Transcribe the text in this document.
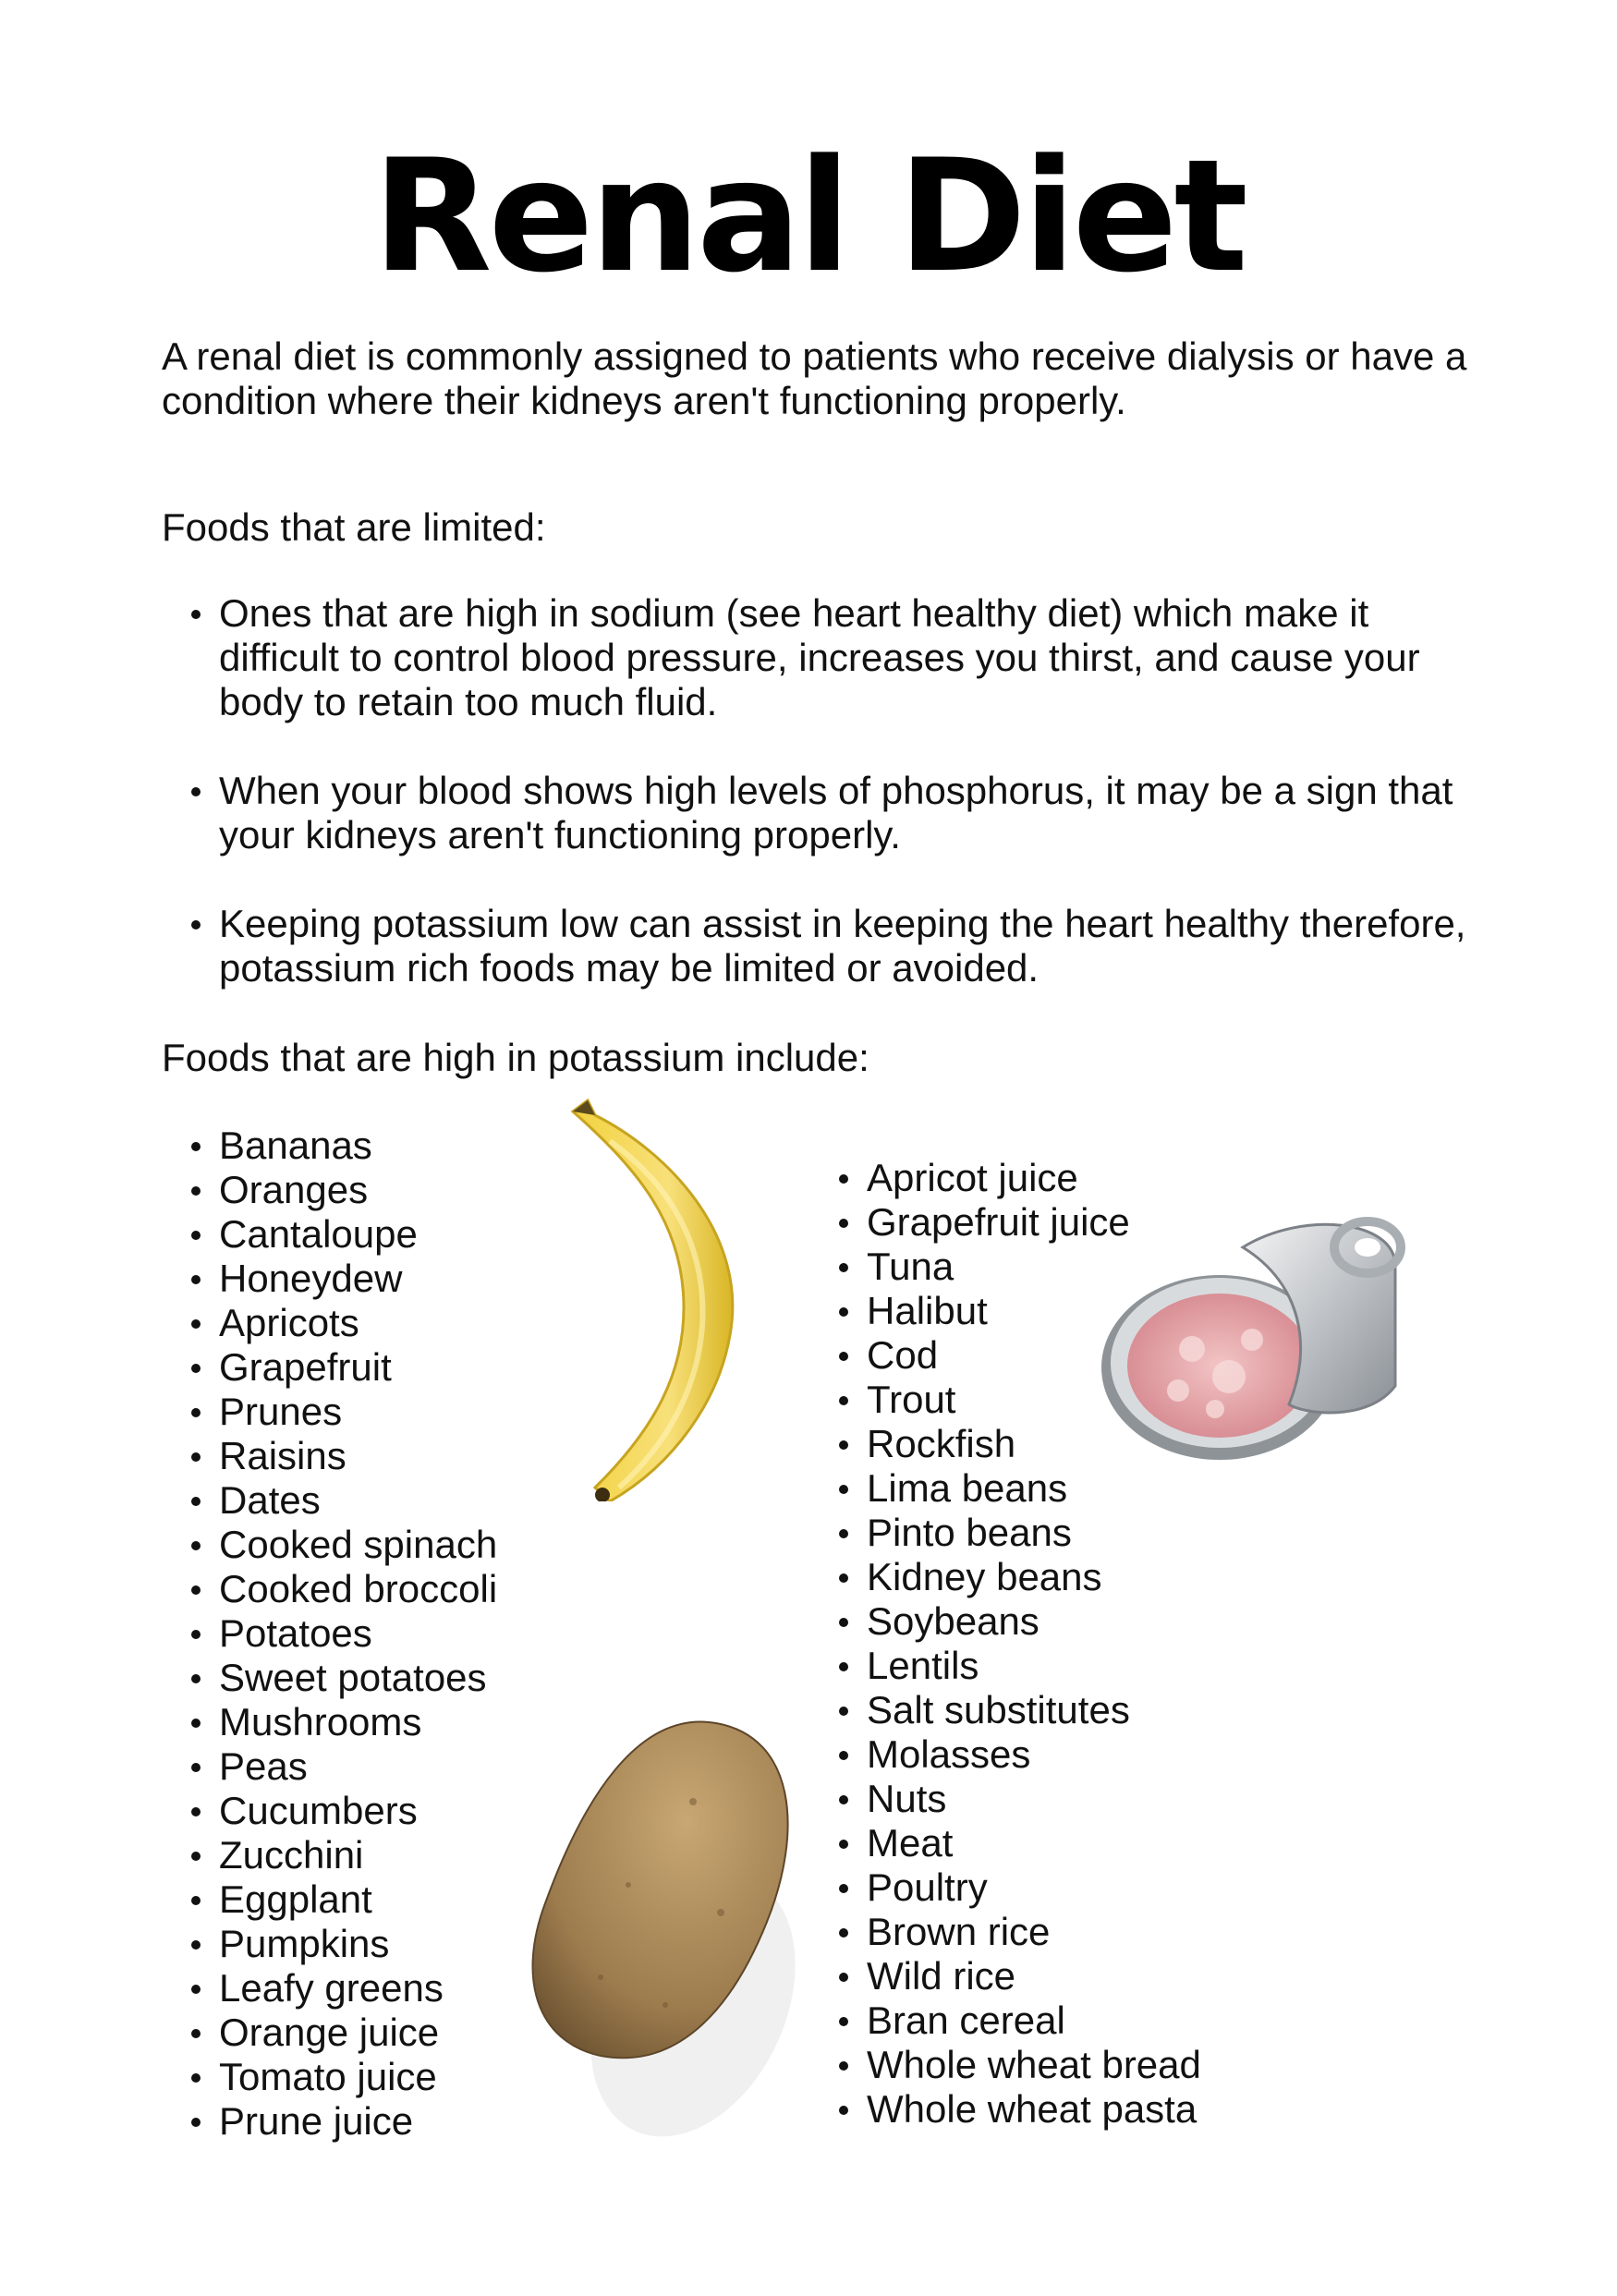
Renal Diet
A renal diet is commonly assigned to patients who receive dialysis or have a condition where their kidneys aren't functioning properly.
Foods that are limited:
Ones that are high in sodium (see heart healthy diet) which make it difficult to control blood pressure, increases you thirst, and cause your body to retain too much fluid.
When your blood shows high levels of phosphorus, it may be a sign that your kidneys aren't functioning properly.
Keeping potassium low can assist in keeping the heart healthy therefore, potassium rich foods may be limited or avoided.
Foods that are high in potassium include:
Bananas
Oranges
Cantaloupe
Honeydew
Apricots
Grapefruit
Prunes
Raisins
Dates
Cooked spinach
Cooked broccoli
Potatoes
Sweet potatoes
Mushrooms
Peas
Cucumbers
Zucchini
Eggplant
Pumpkins
Leafy greens
Orange juice
Tomato juice
Prune juice
Apricot juice
Grapefruit juice
Tuna
Halibut
Cod
Trout
Rockfish
Lima beans
Pinto beans
Kidney beans
Soybeans
Lentils
Salt substitutes
Molasses
Nuts
Meat
Poultry
Brown rice
Wild rice
Bran cereal
Whole wheat bread
Whole wheat pasta
